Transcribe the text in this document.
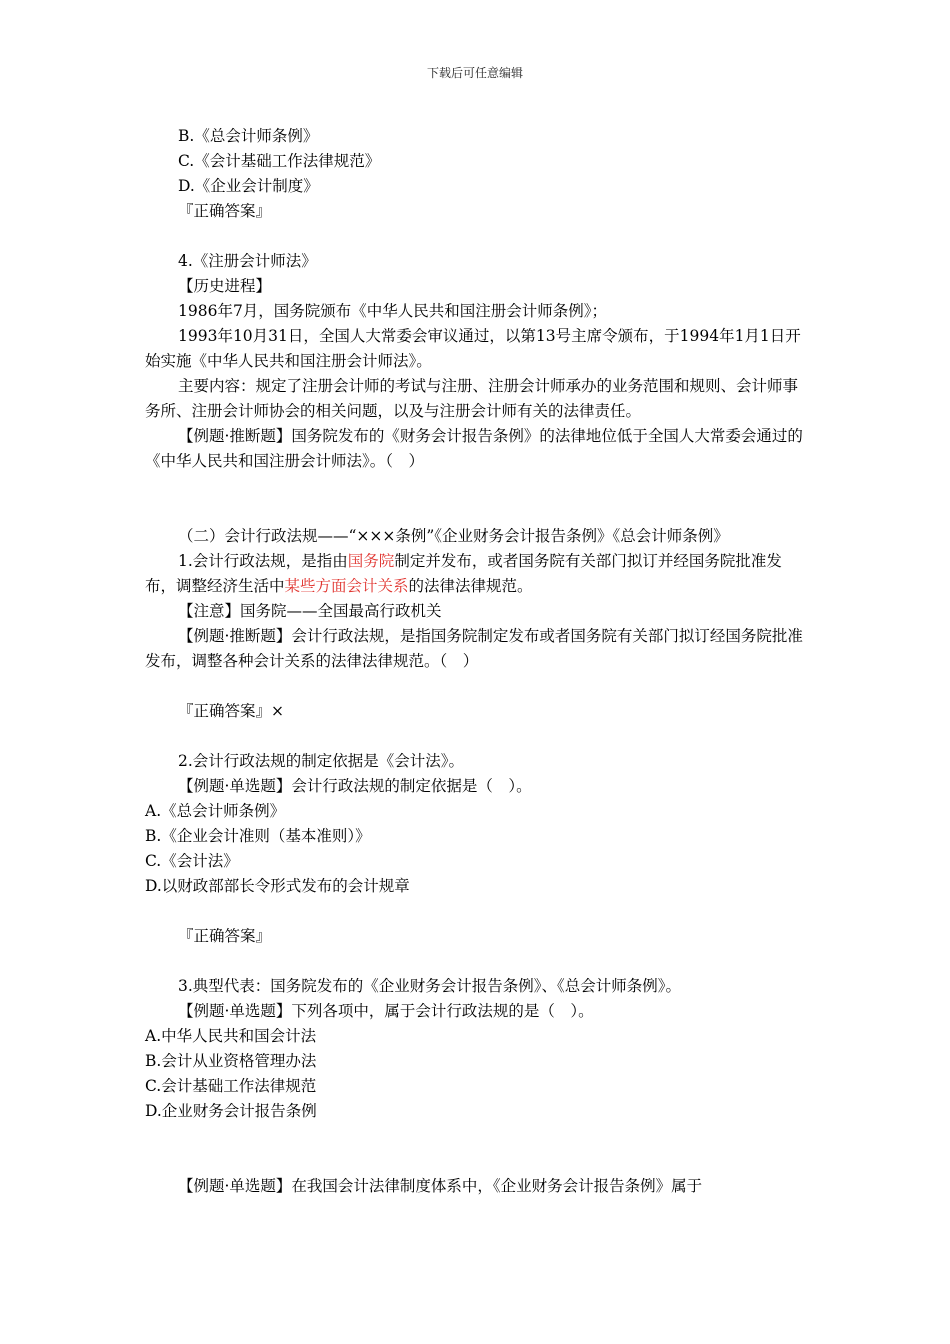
下载后可任意编辑

B.《总会计师条例》

C.《会计基础工作法律规范》

D.《企业会计制度》

『正确答案』

4.《注册会计师法》

【历史进程】

1986年7月，国务院颁布《中华人民共和国注册会计师条例》；

1993年10月31日，全国人大常委会审议通过，以第13号主席令颁布，于1994年1月1日开始实施《中华人民共和国注册会计师法》。

主要内容：规定了注册会计师的考试与注册、注册会计师承办的业务范围和规则、会计师事务所、注册会计师协会的相关问题，以及与注册会计师有关的法律责任。

【例题·推断题】国务院发布的《财务会计报告条例》的法律地位低于全国人大常委会通过的《中华人民共和国注册会计师法》。（　）

（二）会计行政法规——“×××条例”《企业财务会计报告条例》《总会计师条例》

1.会计行政法规，是指由国务院制定并发布，或者国务院有关部门拟订并经国务院批准发布，调整经济生活中某些方面会计关系的法律法律规范。

【注意】国务院——全国最高行政机关

【例题·推断题】会计行政法规，是指国务院制定发布或者国务院有关部门拟订经国务院批准发布，调整各种会计关系的法律法律规范。（　）

『正确答案』×

2.会计行政法规的制定依据是《会计法》。

【例题·单选题】会计行政法规的制定依据是（　）。

A.《总会计师条例》

B.《企业会计准则（基本准则）》

C.《会计法》

D.以财政部部长令形式发布的会计规章

『正确答案』

3.典型代表：国务院发布的《企业财务会计报告条例》、《总会计师条例》。

【例题·单选题】下列各项中，属于会计行政法规的是（　）。

A.中华人民共和国会计法

B.会计从业资格管理办法

C.会计基础工作法律规范

D.企业财务会计报告条例

【例题·单选题】在我国会计法律制度体系中，《企业财务会计报告条例》属于
